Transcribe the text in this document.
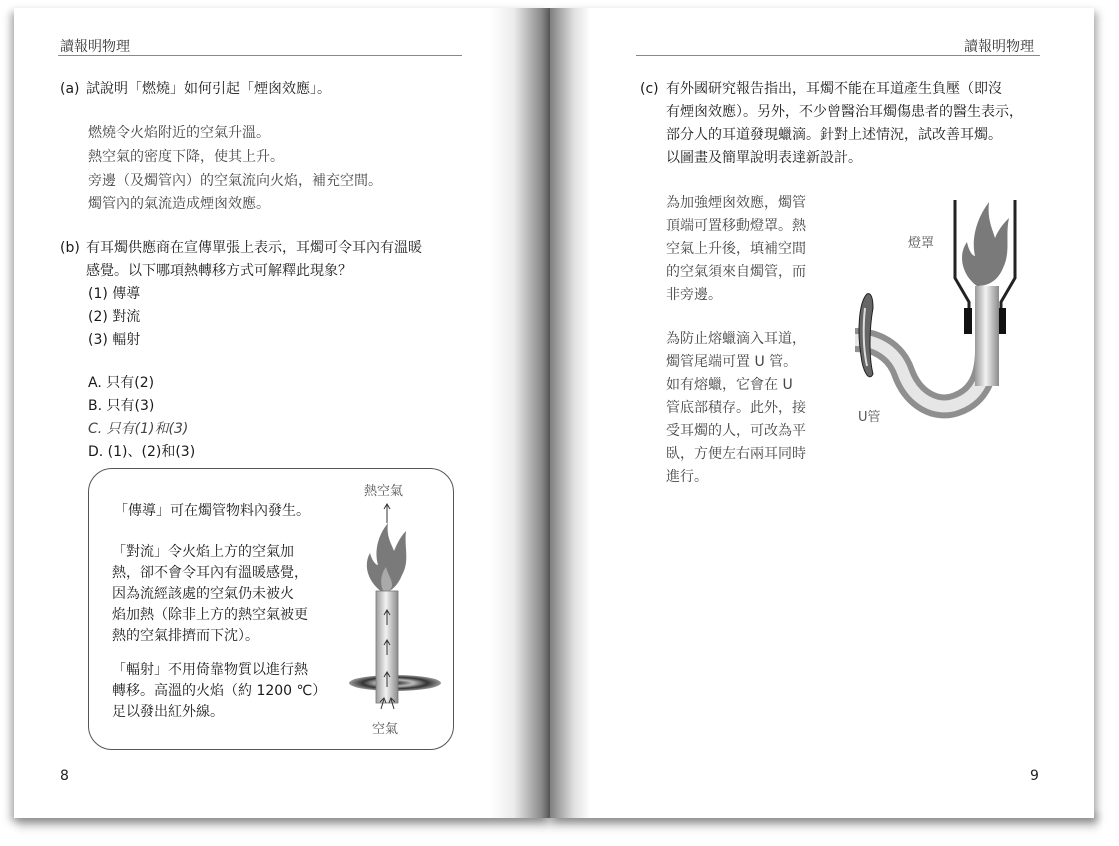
讀報明物理
(a) 試說明「燃燒」如何引起「煙囪效應」。
燃燒令火焰附近的空氣升溫。
熱空氣的密度下降，使其上升。
旁邊（及燭管內）的空氣流向火焰，補充空間。
燭管內的氣流造成煙囪效應。
(b) 有耳燭供應商在宣傳單張上表示，耳燭可令耳內有溫暖
感覺。以下哪項熱轉移方式可解釋此現象？
(1) 傳導
(2) 對流
(3) 輻射
A. 只有(2)
B. 只有(3)
C. 只有(1)和(3)
D. (1)、(2)和(3)
「傳導」可在燭管物料內發生。
「對流」令火焰上方的空氣加
熱，卻不會令耳內有溫暖感覺，
因為流經該處的空氣仍未被火
焰加熱（除非上方的熱空氣被更
熱的空氣排擠而下沈）。
「輻射」不用倚靠物質以進行熱
轉移。高溫的火焰（約 1200 ℃）
足以發出紅外線。
熱空氣
空氣
8
讀報明物理
(c) 有外國研究報告指出，耳燭不能在耳道產生負壓（即沒
有煙囪效應）。另外，不少曾醫治耳燭傷患者的醫生表示，
部分人的耳道發現蠟滴。針對上述情況，試改善耳燭。
以圖畫及簡單說明表達新設計。
為加強煙囪效應，燭管
頂端可置移動燈罩。熱
空氣上升後，填補空間
的空氣須來自燭管，而
非旁邊。
為防止熔蠟滴入耳道，
燭管尾端可置 U 管。
如有熔蠟，它會在 U
管底部積存。此外，接
受耳燭的人，可改為平
臥，方便左右兩耳同時
進行。
燈罩
U管
9
